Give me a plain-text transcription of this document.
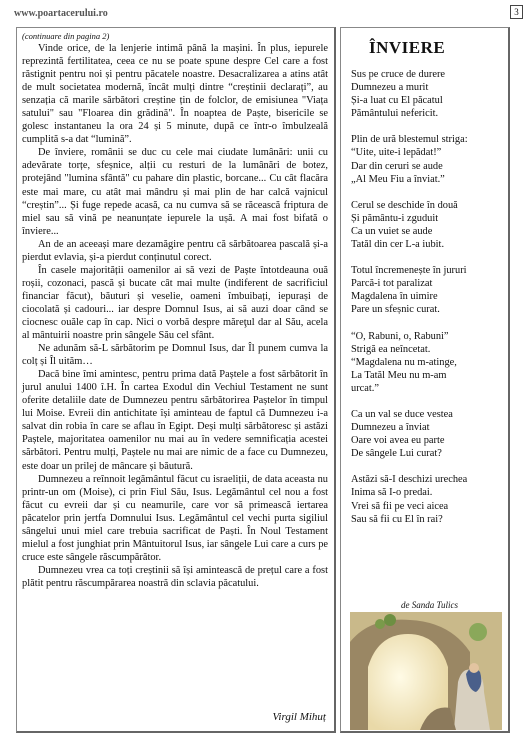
www.poartacerului.ro	3
(continuare din pagina 2)

Vinde orice, de la lenjerie intimă până la mașini. În plus, iepurele reprezintă fertilitatea, ceea ce nu se poate spune despre Cel care a fost răstignit pentru noi și pentru păcatele noastre. Desacralizarea a atins atât de mult societatea modernă, încât mulți dintre “creștinii declarați”, au senzația că marile sărbători creștine țin de folclor, de emisiunea "Viața satului" sau "Floarea din grădină". În noaptea de Paște, bisericile se golesc instantaneu la ora 24 și 5 minute, după ce într-o îmbulzeală cumplită s-a dat “lumină”.

De înviere, românii se duc cu cele mai ciudate lumânări: unii cu adevărate torțe, sfeșnice, alții cu resturi de la lumânări de botez, protejând "lumina sfântă" cu pahare din plastic, borcane... Cu cât flacăra este mai mare, cu atât mai mândru și mai plin de har calcă vajnicul “creștin”... Și fuge repede acasă, ca nu cumva să se răcească friptura de miel sau să vină pe neanunțate iepurele la ușă. A mai fost bifată o înviere...

An de an aceeași mare dezamăgire pentru că sărbătoarea pascală și-a pierdut evlavia, și-a pierdut conținutul corect.

În casele majorității oamenilor ai să vezi de Paște întotdeauna ouă roșii, cozonaci, pască și bucate cât mai multe (indiferent de sacrificiul financiar făcut), băuturi și veselie, oameni îmbuibați, iepurași de ciocolată și cadouri... iar despre Domnul Isus, ai să auzi doar când se ciocnesc ouăle cap în cap. Nici o vorbă despre măreţul dar al Său, acela al mântuirii noastre prin sângele Său cel sfânt.

Ne adunăm să-L sărbătorim pe Domnul Isus, dar Îl punem cumva la colț și Îl uităm…

Dacă bine îmi amintesc, pentru prima dată Paștele a fost sărbătorit în jurul anului 1400 î.H. În cartea Exodul din Vechiul Testament ne sunt oferite detaliile date de Dumnezeu pentru sărbătorirea Paștelor în timpul lui Moise. Evreii din antichitate își aminteau de faptul că Dumnezeu i-a salvat din robia în care se aflau în Egipt. Deși mulți sărbătoresc și astăzi Paștele, majoritatea oamenilor nu mai au în vedere semnificația acestei sărbători. Pentru mulți, Paștele nu mai are nimic de a face cu Dumnezeu, este doar un prilej de mâncare și băutură.

Dumnezeu a reînnoit legământul făcut cu israeliții, de data aceasta nu printr-un om (Moise), ci prin Fiul Său, Isus. Legământul cel nou a fost făcut cu evreii dar și cu neamurile, care vor să primească iertarea păcatelor prin jertfa Domnului Isus. Legământul cel vechi purta sigiliul sângelui unui miel care trebuia sacrificat de Paști. În Noul Testament mielul a fost junghiat prin Mântuitorul Isus, iar sângele Lui care a curs pe cruce este sângele răscumpărător.

Dumnezeu vrea ca toți creștinii să își amintească de prețul care a fost plătit pentru răscumpărarea noastră din sclavia păcatului.

Virgil Mihuț
ÎNVIERE
Sus pe cruce de durere
Dumnezeu a murit
Și-a luat cu El păcatul
Pământului nefericit.
Plin de ură blestemul striga:
“Uite, uite-i lepădat!”
Dar din ceruri se aude
„Al Meu Fiu a înviat.”
Cerul se deschide în două
Și pământu-i zguduit
Ca un vuiet se aude
Tatăl din cer L-a iubit.
Totul încremenește în jururi
Parcă-i tot paralizat
Magdalena în uimire
Pare un sfeșnic curat.
“O, Rabuni, o, Rabuni”
Strigă ea neîncetat.
“Magdalena nu m-atinge,
La Tatăl Meu nu m-am
urcat.”
Ca un val se duce vestea
Dumnezeu a înviat
Oare voi avea eu parte
De sângele Lui curat?
Astăzi să-I deschizi urechea
Inima să I-o predai.
Vrei să fii pe veci aicea
Sau să fii cu El în rai?
de Sanda Tulics
